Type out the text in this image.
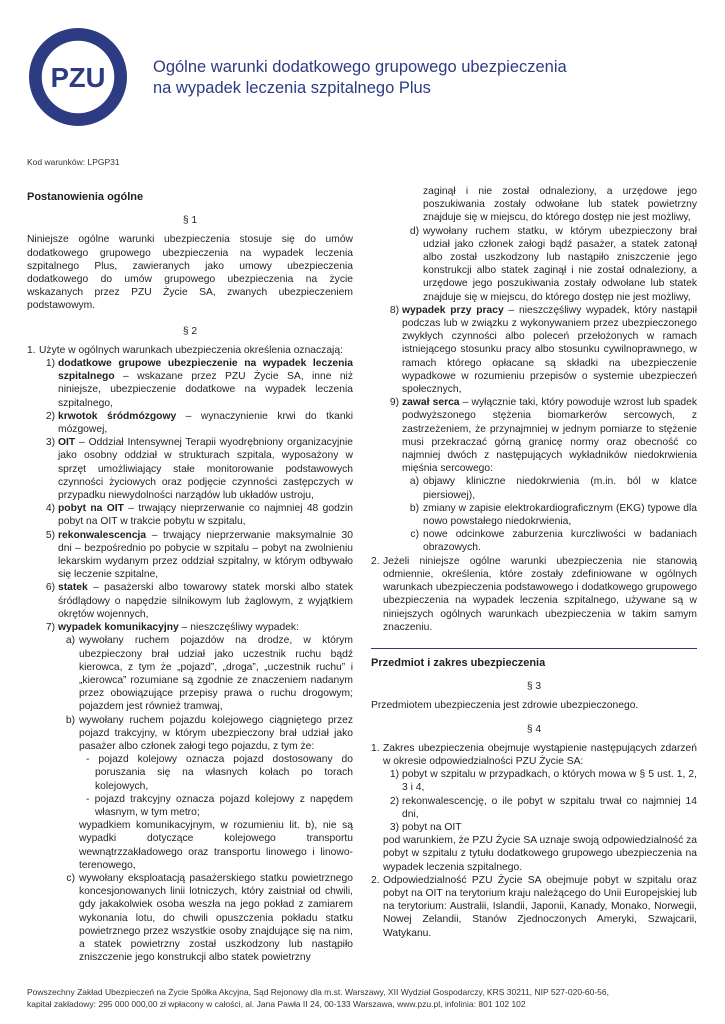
PZU	Ogólne warunki dodatkowego grupowego ubezpieczenia
na wypadek leczenia szpitalnego Plus
Kod warunków: LPGP31
Postanowienia ogólne
§ 1

Niniejsze ogólne warunki ubezpieczenia stosuje się do umów dodatkowego grupowego ubezpieczenia na wypadek leczenia szpitalnego Plus, zawieranych jako umowy ubezpieczenia dodatkowego do umów grupowego ubezpieczenia na życie wskazanych przez PZU Życie SA, zwanych ubezpieczeniem podstawowym.

§ 2
1. Użyte w ogólnych warunkach ubezpieczenia określenia oznaczają:
1) dodatkowe grupowe ubezpieczenie na wypadek leczenia szpitalnego – wskazane przez PZU Życie SA, inne niż niniejsze, ubezpieczenie dodatkowe na wypadek leczenia szpitalnego,
2) krwotok śródmózgowy – wynaczynienie krwi do tkanki mózgowej,
3) OIT – Oddział Intensywnej Terapii wyodrębniony organizacyjnie jako osobny oddział w strukturach szpitala, wyposażony w sprzęt umożliwiający stałe monitorowanie podstawowych czynności życiowych oraz podjęcie czynności zastępczych w przypadku niewydolności narządów lub układów ustroju,
4) pobyt na OIT – trwający nieprzerwanie co najmniej 48 godzin pobyt na OIT w trakcie pobytu w szpitalu,
5) rekonwalescencja – trwający nieprzerwanie maksymalnie 30 dni – bezpośrednio po pobycie w szpitalu – pobyt na zwolnieniu lekarskim wydanym przez oddział szpitalny, w którym odbywało się leczenie szpitalne,
6) statek – pasażerski albo towarowy statek morski albo statek śródlądowy o napędzie silnikowym lub żaglowym, z wyjątkiem okrętów wojennych,
7) wypadek komunikacyjny – nieszczęśliwy wypadek:
a) wywołany ruchem pojazdów na drodze, w którym ubezpieczony brał udział jako uczestnik ruchu bądź kierowca, z tym że „pojazd”, „droga”, „uczestnik ruchu” i „kierowca” rozumiane są zgodnie ze znaczeniem nadanym przez obowiązujące przepisy prawa o ruchu drogowym; pojazdem jest również tramwaj,
b) wywołany ruchem pojazdu kolejowego ciągniętego przez pojazd trakcyjny, w którym ubezpieczony brał udział jako pasażer albo członek załogi tego pojazdu, z tym że:
- pojazd kolejowy oznacza pojazd dostosowany do poruszania się na własnych kołach po torach kolejowych,
- pojazd trakcyjny oznacza pojazd kolejowy z napędem własnym, w tym metro;
wypadkiem komunikacyjnym, w rozumieniu lit. b), nie są wypadki dotyczące kolejowego transportu wewnątrzzakładowego oraz transportu linowego i linowo-terenowego,
c) wywołany eksploatacją pasażerskiego statku powietrznego koncesjonowanych linii lotniczych, który zaistniał od chwili, gdy jakakolwiek osoba weszła na jego pokład z zamiarem wykonania lotu, do chwili opuszczenia pokładu statku powietrznego przez wszystkie osoby znajdujące się na nim, a statek powietrzny został uszkodzony lub nastąpiło zniszczenie jego konstrukcji albo statek powietrzny
zaginął i nie został odnaleziony, a urzędowe jego poszukiwania zostały odwołane lub statek powietrzny znajduje się w miejscu, do którego dostęp nie jest możliwy,
d) wywołany ruchem statku, w którym ubezpieczony brał udział jako członek załogi bądź pasażer, a statek zatonął albo został uszkodzony lub nastąpiło zniszczenie jego konstrukcji albo statek zaginął i nie został odnaleziony, a urzędowe jego poszukiwania zostały odwołane lub statek znajduje się w miejscu, do którego dostęp nie jest możliwy,
8) wypadek przy pracy – nieszczęśliwy wypadek, który nastąpił podczas lub w związku z wykonywaniem przez ubezpieczonego zwykłych czynności albo poleceń przełożonych w ramach istniejącego stosunku pracy albo stosunku cywilnoprawnego, w ramach którego opłacane są składki na ubezpieczenie wypadkowe w rozumieniu przepisów o systemie ubezpieczeń społecznych,
9) zawał serca – wyłącznie taki, który powoduje wzrost lub spadek podwyższonego stężenia biomarkerów sercowych, z zastrzeżeniem, że przynajmniej w jednym pomiarze to stężenie musi przekraczać górną granicę normy oraz obecność co najmniej dwóch z następujących wykładników niedokrwienia mięśnia sercowego:
a) objawy kliniczne niedokrwienia (m.in. ból w klatce piersiowej),
b) zmiany w zapisie elektrokardiograficznym (EKG) typowe dla nowo powstałego niedokrwienia,
c) nowe odcinkowe zaburzenia kurczliwości w badaniach obrazowych.
2. Jeżeli niniejsze ogólne warunki ubezpieczenia nie stanowią odmiennie, określenia, które zostały zdefiniowane w ogólnych warunkach ubezpieczenia podstawowego i dodatkowego grupowego ubezpieczenia na wypadek leczenia szpitalnego, używane są w niniejszych ogólnych warunkach ubezpieczenia w takim samym znaczeniu.
Przedmiot i zakres ubezpieczenia
§ 3

Przedmiotem ubezpieczenia jest zdrowie ubezpieczonego.

§ 4
1. Zakres ubezpieczenia obejmuje wystąpienie następujących zdarzeń w okresie odpowiedzialności PZU Życie SA:
1) pobyt w szpitalu w przypadkach, o których mowa w § 5 ust. 1, 2, 3 i 4,
2) rekonwalescencję, o ile pobyt w szpitalu trwał co najmniej 14 dni,
3) pobyt na OIT
pod warunkiem, że PZU Życie SA uznaje swoją odpowiedzialność za pobyt w szpitalu z tytułu dodatkowego grupowego ubezpieczenia na wypadek leczenia szpitalnego.
2. Odpowiedzialność PZU Życie SA obejmuje pobyt w szpitalu oraz pobyt na OIT na terytorium kraju należącego do Unii Europejskiej lub na terytorium: Australii, Islandii, Japonii, Kanady, Monako, Norwegii, Nowej Zelandii, Stanów Zjednoczonych Ameryki, Szwajcarii, Watykanu.
Powszechny Zakład Ubezpieczeń na Życie Spółka Akcyjna, Sąd Rejonowy dla m.st. Warszawy, XII Wydział Gospodarczy, KRS 30211, NIP 527-020-60-56,
kapitał zakładowy: 295 000 000,00 zł wpłacony w całości, al. Jana Pawła II 24, 00-133 Warszawa, www.pzu.pl, infolinia: 801 102 102
